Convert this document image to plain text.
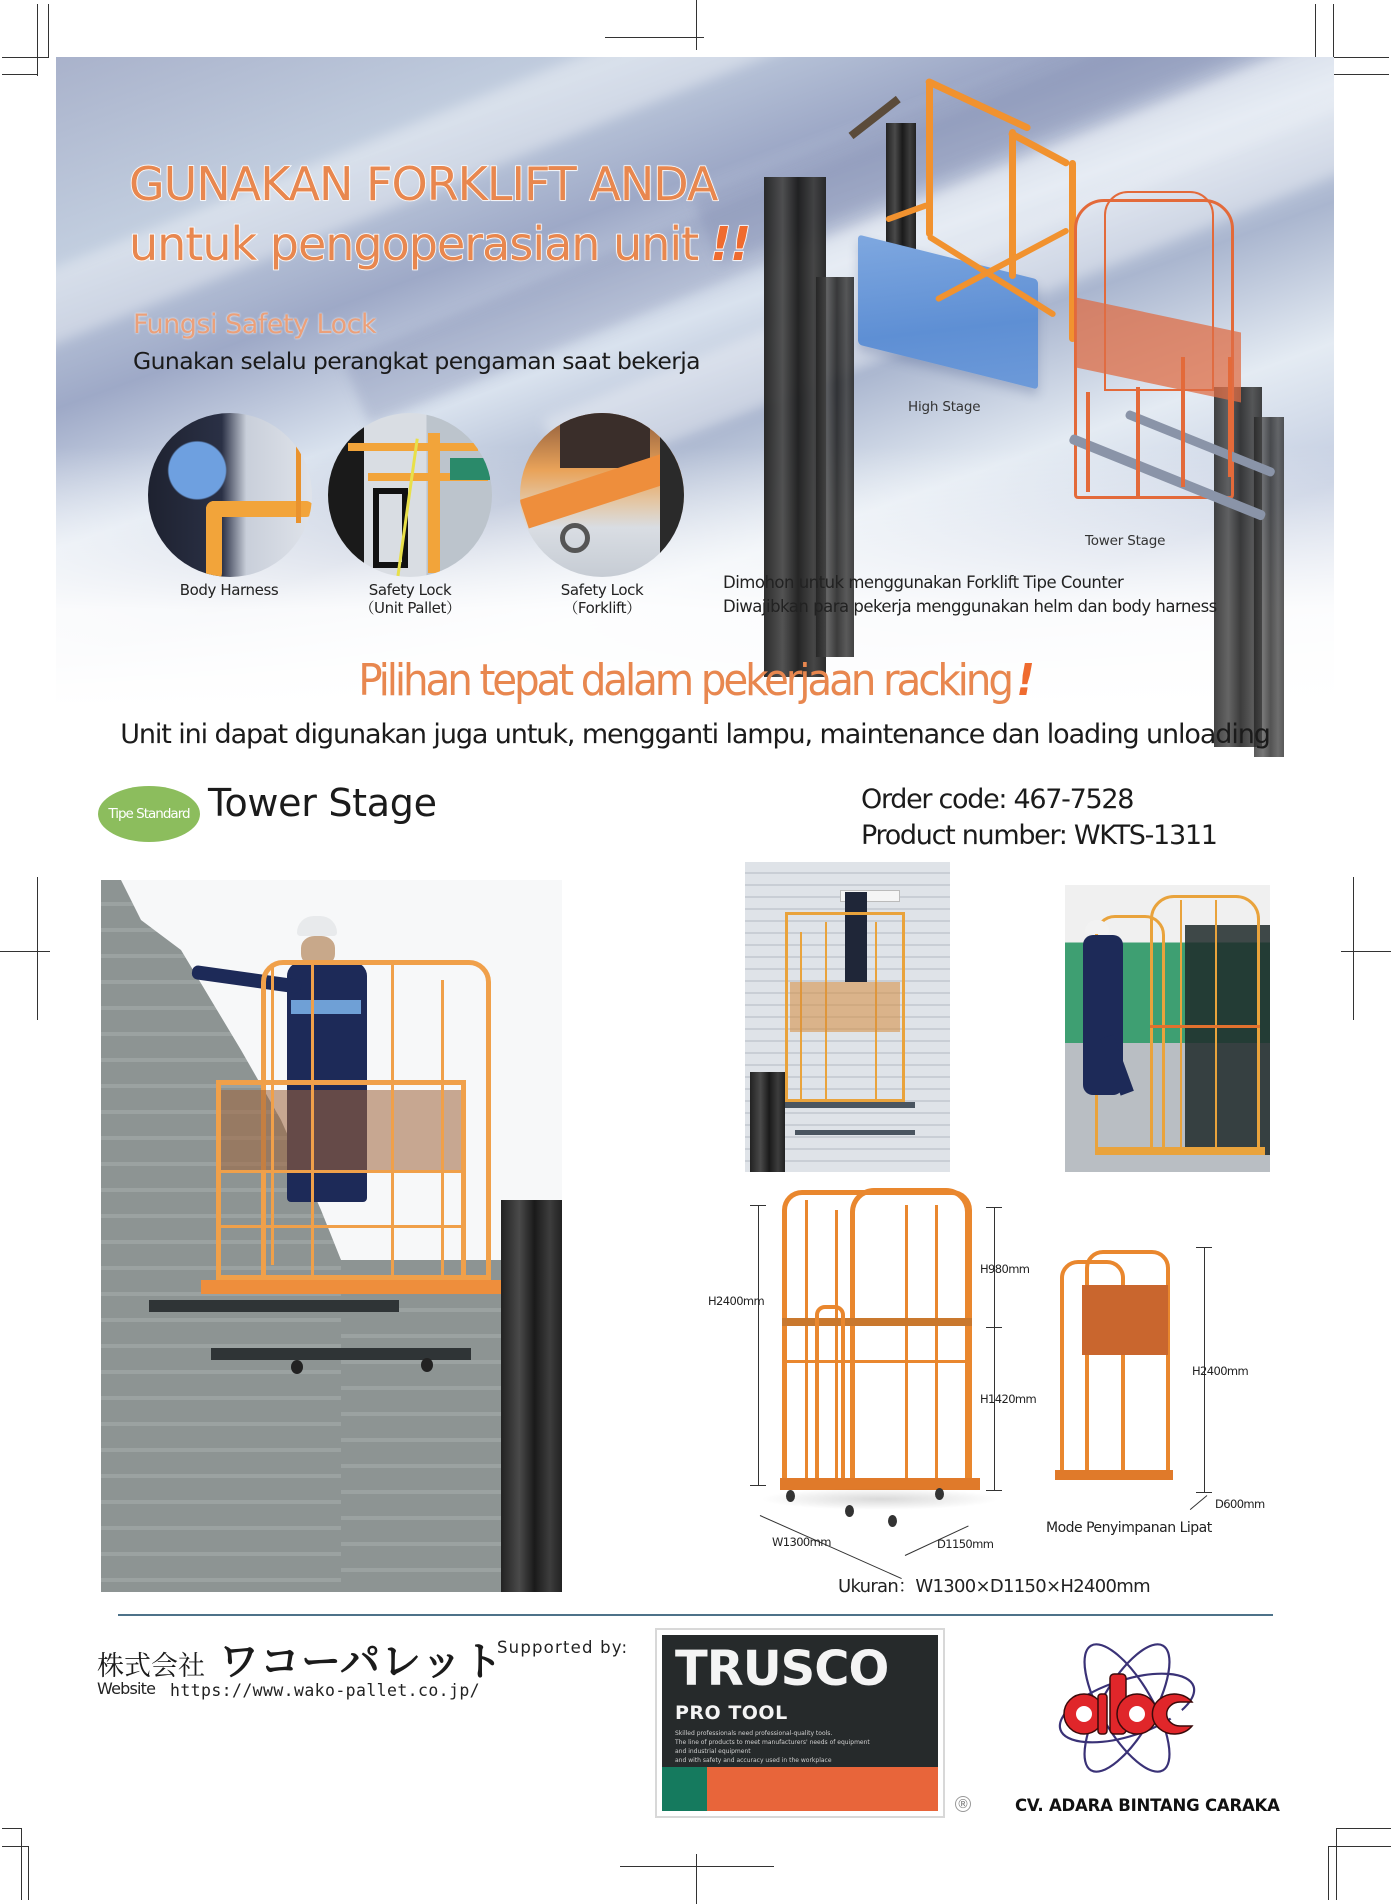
High Stage
Tower Stage
GUNAKAN FORKLIFT ANDA
untuk pengoperasian unit !!
Fungsi Safety Lock
Gunakan selalu perangkat pengaman saat bekerja
Body Harness	Safety Lock
（Unit Pallet）
Safety Lock
（Forklift）
Dimohon untuk menggunakan Forklift Tipe Counter
Diwajibkan para pekerja menggunakan helm dan body harness
Pilihan tepat dalam pekerjaan racking !
Unit ini dapat digunakan juga untuk, mengganti lampu, maintenance dan loading unloading
Tipe Standard Tower Stage	Order code: 467-7528
Product number: WKTS-1311
H2400mm
H980mm
H1420mm
W1300mm	D1150mm
H2400mm
D600mm
Mode Penyimpanan Lipat
Ukuran：W1300×D1150×H2400mm
株式会社 ワコーパレット
Supported by:
Website https://www.wako-pallet.co.jp/	TRUSCO
PRO TOOL
Skilled professionals need professional-quality tools.
The line of products to meet manufacturers' needs of equipment
and industrial equipment
and with safety and accuracy used in the workplace
®	CV. ADARA BINTANG CARAKA
